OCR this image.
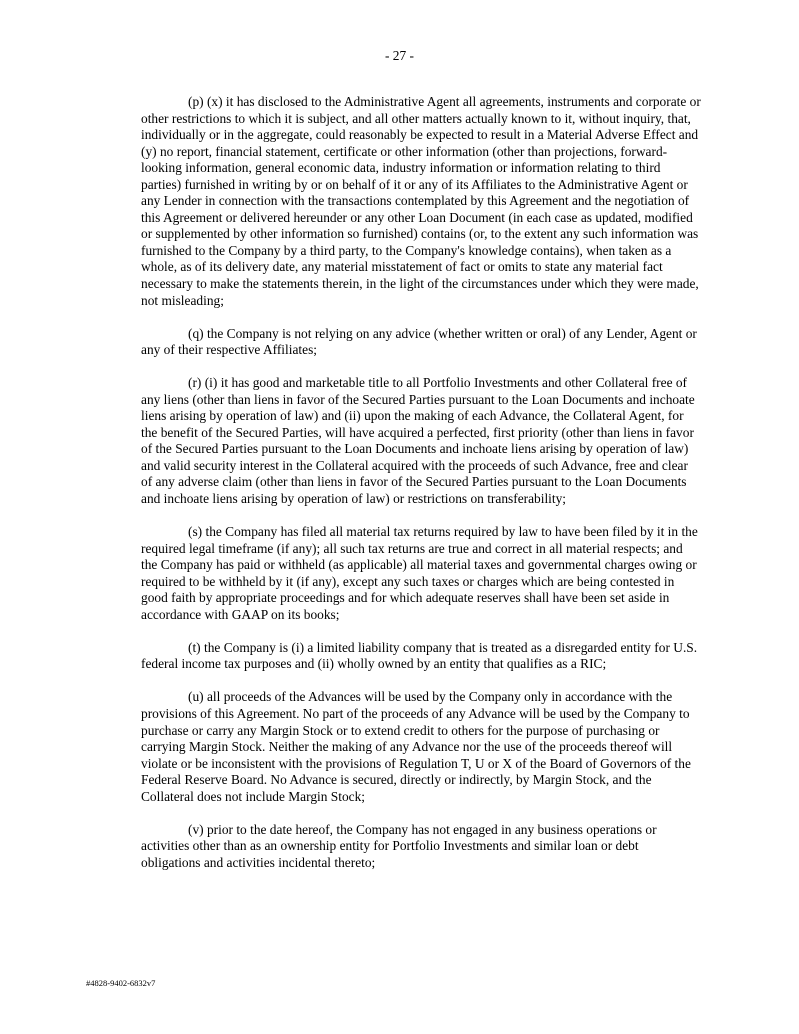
- 27 -

(p) (x) it has disclosed to the Administrative Agent all agreements, instruments and corporate or other restrictions to which it is subject, and all other matters actually known to it, without inquiry, that, individually or in the aggregate, could reasonably be expected to result in a Material Adverse Effect and (y) no report, financial statement, certificate or other information (other than projections, forward-looking information, general economic data, industry information or information relating to third parties) furnished in writing by or on behalf of it or any of its Affiliates to the Administrative Agent or any Lender in connection with the transactions contemplated by this Agreement and the negotiation of this Agreement or delivered hereunder or any other Loan Document (in each case as updated, modified or supplemented by other information so furnished) contains (or, to the extent any such information was furnished to the Company by a third party, to the Company's knowledge contains), when taken as a whole, as of its delivery date, any material misstatement of fact or omits to state any material fact necessary to make the statements therein, in the light of the circumstances under which they were made, not misleading;

(q) the Company is not relying on any advice (whether written or oral) of any Lender, Agent or any of their respective Affiliates;

(r) (i) it has good and marketable title to all Portfolio Investments and other Collateral free of any liens (other than liens in favor of the Secured Parties pursuant to the Loan Documents and inchoate liens arising by operation of law) and (ii) upon the making of each Advance, the Collateral Agent, for the benefit of the Secured Parties, will have acquired a perfected, first priority (other than liens in favor of the Secured Parties pursuant to the Loan Documents and inchoate liens arising by operation of law) and valid security interest in the Collateral acquired with the proceeds of such Advance, free and clear of any adverse claim (other than liens in favor of the Secured Parties pursuant to the Loan Documents and inchoate liens arising by operation of law) or restrictions on transferability;

(s) the Company has filed all material tax returns required by law to have been filed by it in the required legal timeframe (if any); all such tax returns are true and correct in all material respects; and the Company has paid or withheld (as applicable) all material taxes and governmental charges owing or required to be withheld by it (if any), except any such taxes or charges which are being contested in good faith by appropriate proceedings and for which adequate reserves shall have been set aside in accordance with GAAP on its books;

(t) the Company is (i) a limited liability company that is treated as a disregarded entity for U.S. federal income tax purposes and (ii) wholly owned by an entity that qualifies as a RIC;

(u) all proceeds of the Advances will be used by the Company only in accordance with the provisions of this Agreement. No part of the proceeds of any Advance will be used by the Company to purchase or carry any Margin Stock or to extend credit to others for the purpose of purchasing or carrying Margin Stock. Neither the making of any Advance nor the use of the proceeds thereof will violate or be inconsistent with the provisions of Regulation T, U or X of the Board of Governors of the Federal Reserve Board. No Advance is secured, directly or indirectly, by Margin Stock, and the Collateral does not include Margin Stock;

(v) prior to the date hereof, the Company has not engaged in any business operations or activities other than as an ownership entity for Portfolio Investments and similar loan or debt obligations and activities incidental thereto;

#4828-9402-6832v7
